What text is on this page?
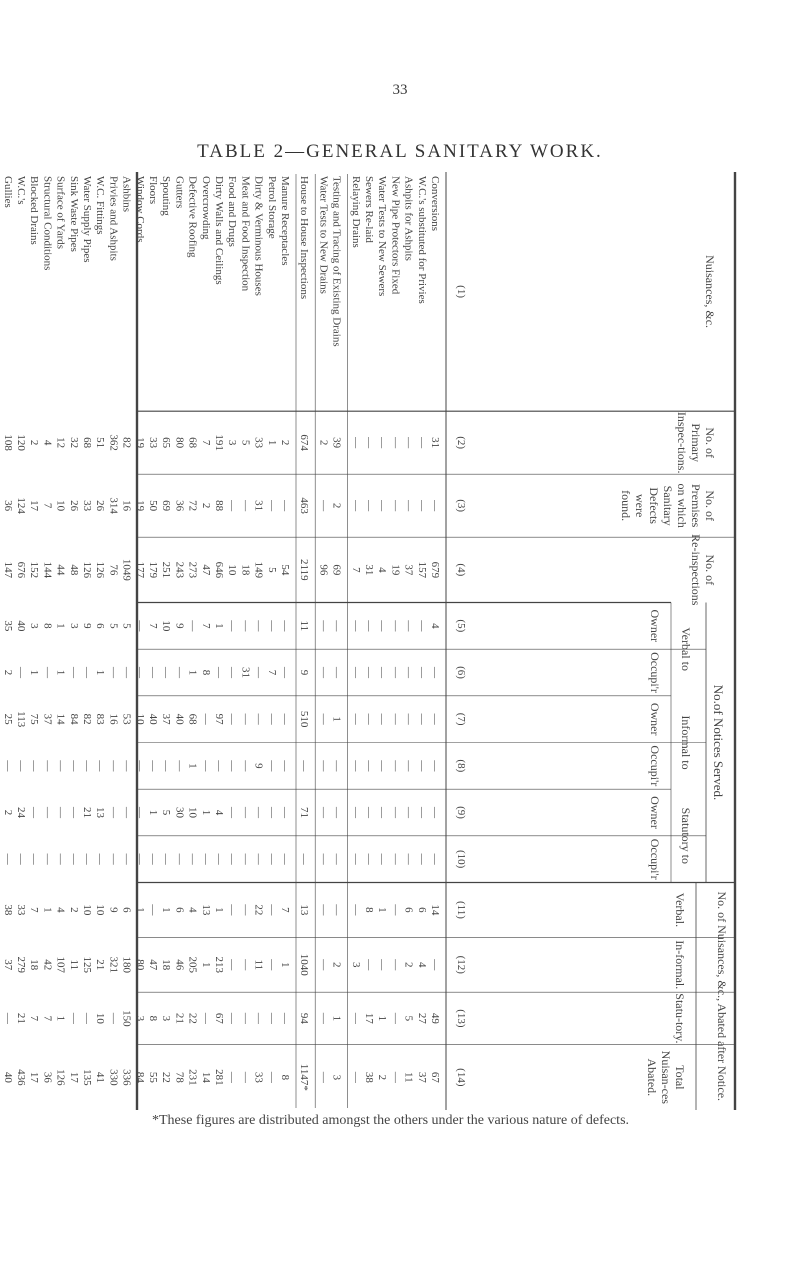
33
TABLE 2—GENERAL SANITARY WORK.
No.of Notices Served.
No. of Nuisances, &c., Abated after Notice.
Verbal to
Informal to
Statutory to
Nuisances, &c.
(1)
No. of
Primary
Inspec-tions.
(2)
No. of
Premises
on which
Sanitary
Defects
were
found.
(3)
No. of
Re-inspections
(4)
Owner
(5)
Occupi'r
(6)
Owner
(7)
Occupi'r
(8)
Owner
(9)
Occupi'r
(10)
Verbal.
(11)
In-formal.
(12)
Statu-tory.
(13)
Total
Nuisan-ces
Abated.
(14)
Conversions
31
—
679
4
—
—
—
—
—
14
—
49
67
W.C.'s substituted for Privies
—
—
157
—
—
—
—
—
—
6
4
27
37
Ashpits for Ashpits
—
—
37
—
—
—
—
—
—
6
2
5
11
New Pipe Protectors Fixed
—
—
19
—
—
—
—
—
—
—
—
—
—
Water Tests to New Sewers
—
—
4
—
—
—
—
—
—
1
—
1
2
Sewers Re-laid
—
—
31
—
—
—
—
—
—
8
—
17
38
Relaying Drains
—
—
7
—
—
—
—
—
—
—
3
—
—
Testing and Tracing of Existing Drains
39
2
69
—
—
1
—
—
—
—
2
1
3
Water Tests to New Drains
2
—
96
—
—
—
—
—
—
—
—
—
—
House to House Inspections
674
463
2119
11
9
510
—
71
—
13
1040
94
1147*
Manure Receptacles
2
—
54
—
—
—
—
—
—
7
1
—
8
Petrol Storage
1
—
5
—
7
—
—
—
—
—
—
—
—
Dirty & Verminous Houses
33
31
149
—
—
—
9
—
—
22
11
—
33
Meat and Food Inspection
5
—
18
—
31
—
—
—
—
—
—
—
—
Food and Drugs
3
—
10
—
—
—
—
—
—
—
—
—
—
Dirty Walls and Ceilings
191
88
646
1
—
97
—
4
—
1
213
67
281
Overcrowding
7
2
47
7
8
—
—
1
—
13
1
—
14
Defective Roofing
68
72
273
—
1
68
1
10
—
4
205
22
231
Gutters
80
36
243
9
—
40
—
30
—
6
46
21
78
Spouting
65
69
251
10
—
37
—
5
—
1
18
3
22
Floors
33
50
179
7
—
40
—
1
—
—
47
8
55
Window Cords
19
19
177
—
—
10
—
—
—
1
80
3
84
Ashbins
82
16
1049
5
—
53
—
—
—
6
180
150
336
Privies and Ashpits
362
314
76
5
—
16
—
—
—
9
321
—
330
W.C. Fittings
51
26
126
6
1
83
—
13
—
10
21
10
41
Water Supply Pipes
68
33
126
9
—
82
—
21
—
10
125
—
135
Sink Waste Pipes
32
26
48
3
—
84
—
—
—
2
11
—
17
Surface of Yards
12
10
44
1
1
14
—
—
—
4
107
1
126
Structural Conditions
4
7
144
8
—
37
—
—
—
1
42
7
36
Blocked Drains
2
17
152
3
1
75
—
—
—
7
18
7
17
W.C.'s
120
124
676
40
—
113
—
24
—
33
279
21
436
Gullies
108
36
147
35
2
25
—
2
—
38
37
—
40
*These figures are distributed amongst the others under the various nature of defects.
